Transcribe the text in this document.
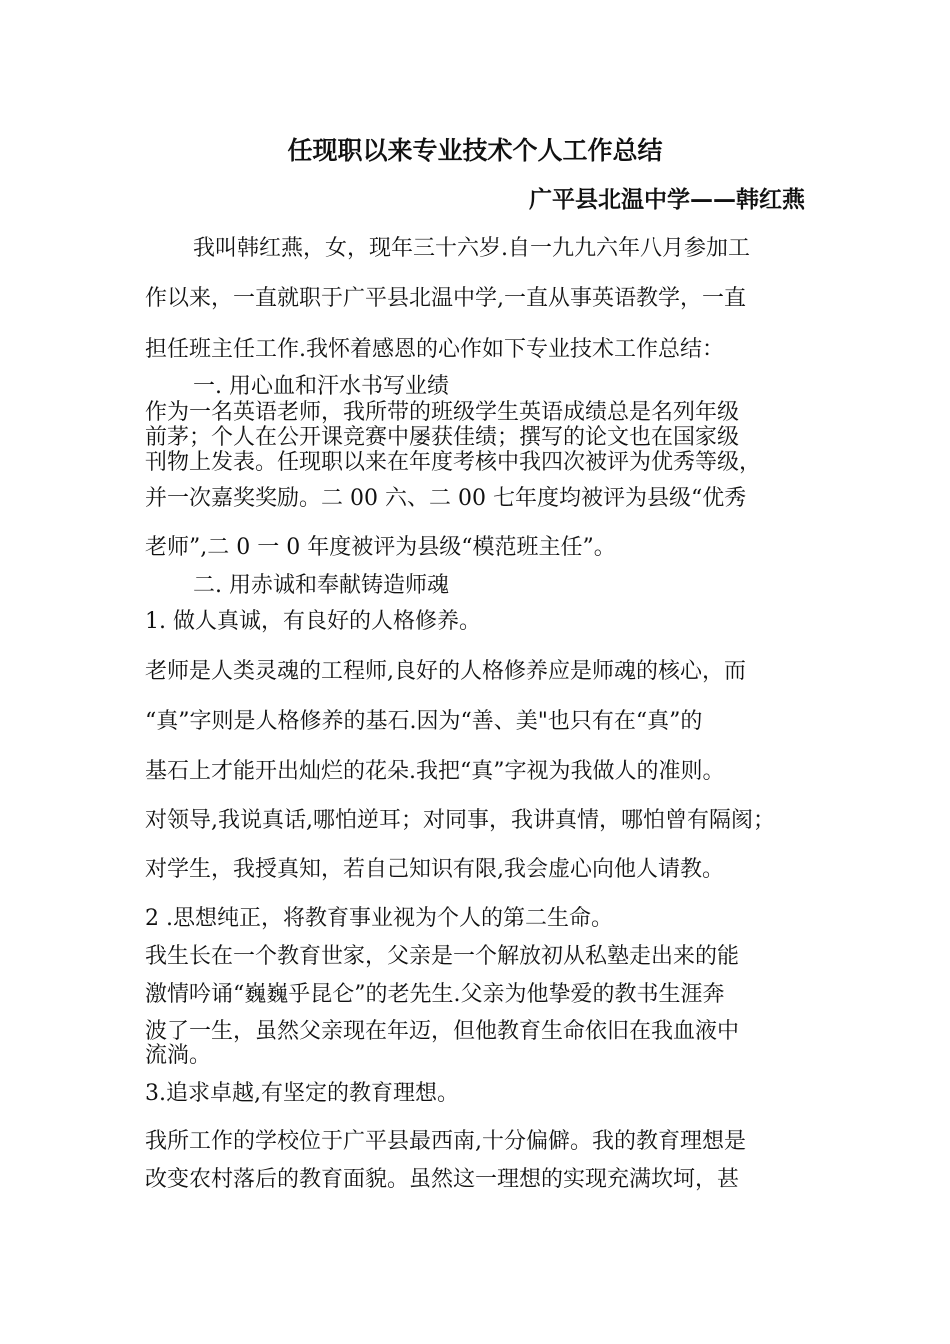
任现职以来专业技术个人工作总结
广平县北温中学——韩红燕
我叫韩红燕，女，现年三十六岁.自一九九六年八月参加工
作以来，一直就职于广平县北温中学,一直从事英语教学，一直
担任班主任工作.我怀着感恩的心作如下专业技术工作总结：
一. 用心血和汗水书写业绩
作为一名英语老师，我所带的班级学生英语成绩总是名列年级
前茅；个人在公开课竞赛中屡获佳绩；撰写的论文也在国家级
刊物上发表。任现职以来在年度考核中我四次被评为优秀等级，
并一次嘉奖奖励。二 00 六、二 00 七年度均被评为县级“优秀
老师”,二 0 一 0 年度被评为县级“模范班主任”。
二. 用赤诚和奉献铸造师魂
1. 做人真诚，有良好的人格修养。
老师是人类灵魂的工程师,良好的人格修养应是师魂的核心，而
“真”字则是人格修养的基石.因为“善、美"也只有在“真”的
基石上才能开出灿烂的花朵.我把“真”字视为我做人的准则。
对领导,我说真话,哪怕逆耳；对同事，我讲真情，哪怕曾有隔阂；
对学生，我授真知，若自己知识有限,我会虚心向他人请教。
2 .思想纯正，将教育事业视为个人的第二生命。
我生长在一个教育世家，父亲是一个解放初从私塾走出来的能
激情吟诵“巍巍乎昆仑”的老先生.父亲为他挚爱的教书生涯奔
波了一生，虽然父亲现在年迈，但他教育生命依旧在我血液中
流淌。
3.追求卓越,有坚定的教育理想。
我所工作的学校位于广平县最西南,十分偏僻。我的教育理想是
改变农村落后的教育面貌。虽然这一理想的实现充满坎坷，甚
